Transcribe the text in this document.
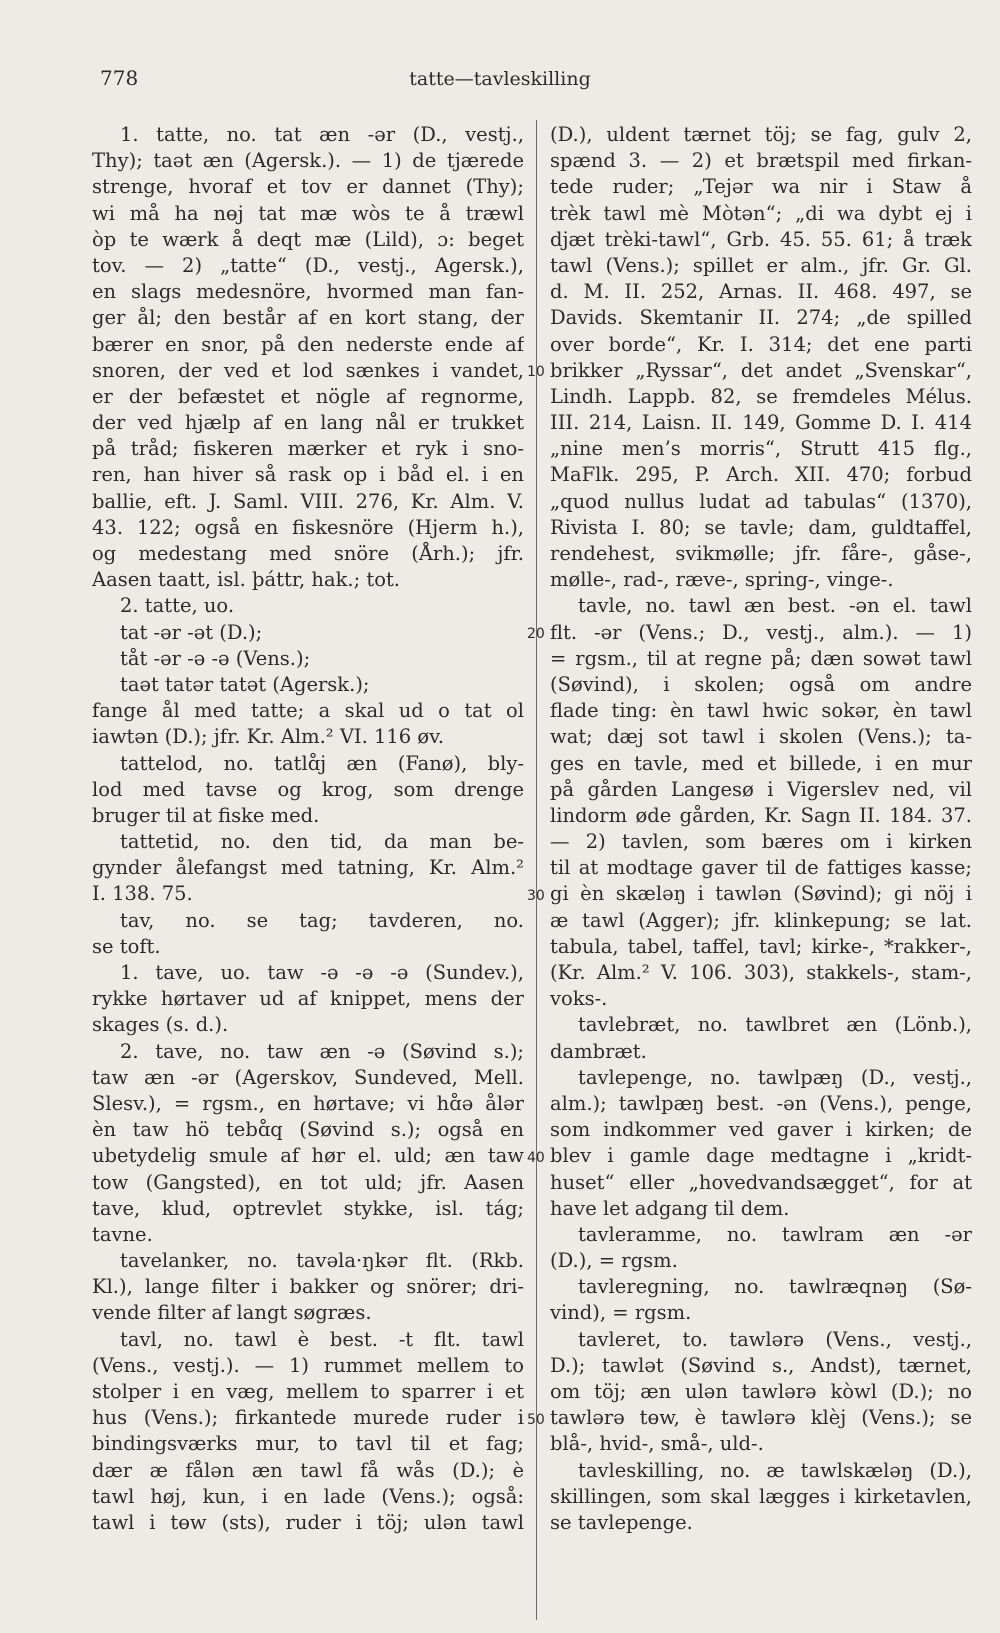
778	tatte—tavleskilling
1. tatte, no. tat æn -ər (D., vestj.,
Thy); taət æn (Agersk.). — 1) de tjærede
strenge, hvoraf et tov er dannet (Thy);
wi må ha nɵj tat mæ wòs te å træwl
òp te wærk å deqt mæ (Lild), ɔ: beget
tov. — 2) „tatte“ (D., vestj., Agersk.),
en slags medesnöre, hvormed man fan-
ger ål; den består af en kort stang, der
bærer en snor, på den nederste ende af
snoren, der ved et lod sænkes i vandet,
er der befæstet et nögle af regnorme,
der ved hjælp af en lang nål er trukket
på tråd; fiskeren mærker et ryk i sno-
ren, han hiver så rask op i båd el. i en
ballie, eft. J. Saml. VIII. 276, Kr. Alm. V.
43. 122; også en fiskesnöre (Hjerm h.),
og medestang med snöre (Årh.); jfr.
Aasen taatt, isl. þáttr, hak.; tot.
2. tatte, uo.
tat -ər -ət (D.);
tåt -ər -ə -ə (Vens.);
taət tatər tatət (Agersk.);
fange ål med tatte; a skal ud o tat ol
iawtən (D.); jfr. Kr. Alm.² VI. 116 øv.
tattelod, no. tatlɑ̊j æn (Fanø), bly-
lod med tavse og krog, som drenge
bruger til at fiske med.
tattetid, no. den tid, da man be-
gynder ålefangst med tatning, Kr. Alm.²
I. 138. 75.
tav, no. se tag; tavderen, no.
se toft.
1. tave, uo. taw -ə -ə -ə (Sundev.),
rykke hørtaver ud af knippet, mens der
skages (s. d.).
2. tave, no. taw æn -ə (Søvind s.);
taw æn -ər (Agerskov, Sundeved, Mell.
Slesv.), = rgsm., en hørtave; vi hɑ̊ə ålər
èn taw hö tebɑ̊q (Søvind s.); også en
ubetydelig smule af hør el. uld; æn taw
tow (Gangsted), en tot uld; jfr. Aasen
tave, klud, optrevlet stykke, isl. tág;
tavne.
tavelanker, no. tavəla·ŋkər flt. (Rkb.
Kl.), lange filter i bakker og snörer; dri-
vende filter af langt søgræs.
tavl, no. tawl è best. -t flt. tawl
(Vens., vestj.). — 1) rummet mellem to
stolper i en væg, mellem to sparrer i et
hus (Vens.); firkantede murede ruder i
bindingsværks mur, to tavl til et fag;
dær æ fålən æn tawl få wås (D.); è
tawl høj, kun, i en lade (Vens.); også:
tawl i tɵw (sts), ruder i töj; ulən tawl
(D.), uldent tærnet töj; se fag, gulv 2,
spænd 3. — 2) et brætspil med firkan-
tede ruder; „Tejər wa nir i Staw å
trèk tawl mè Mòtən“; „di wa dybt ej i
djæt trèki-tawl“, Grb. 45. 55. 61; å træk
tawl (Vens.); spillet er alm., jfr. Gr. Gl.
d. M. II. 252, Arnas. II. 468. 497, se
Davids. Skemtanir II. 274; „de spilled
over borde“, Kr. I. 314; det ene parti
brikker „Ryssar“, det andet „Svenskar“,
Lindh. Lappb. 82, se fremdeles Mélus.
III. 214, Laisn. II. 149, Gomme D. I. 414
„nine men’s morris“, Strutt 415 flg.,
MaFlk. 295, P. Arch. XII. 470; forbud
„quod nullus ludat ad tabulas“ (1370),
Rivista I. 80; se tavle; dam, guldtaffel,
rendehest, svikmølle; jfr. fåre-, gåse-,
mølle-, rad-, ræve-, spring-, vinge-.
tavle, no. tawl æn best. -ən el. tawl
flt. -ər (Vens.; D., vestj., alm.). — 1)
= rgsm., til at regne på; dæn sowət tawl
(Søvind), i skolen; også om andre
flade ting: èn tawl hwic sokər, èn tawl
wat; dæj sot tawl i skolen (Vens.); ta-
ges en tavle, med et billede, i en mur
på gården Langesø i Vigerslev ned, vil
lindorm øde gården, Kr. Sagn II. 184. 37.
— 2) tavlen, som bæres om i kirken
til at modtage gaver til de fattiges kasse;
gi èn skæləŋ i tawlən (Søvind); gi nöj i
æ tawl (Agger); jfr. klinkepung; se lat.
tabula, tabel, taffel, tavl; kirke-, *rakker-,
(Kr. Alm.² V. 106. 303), stakkels-, stam-,
voks-.
tavlebræt, no. tawlbret æn (Lönb.),
dambræt.
tavlepenge, no. tawlpæŋ (D., vestj.,
alm.); tawlpæŋ best. -ən (Vens.), penge,
som indkommer ved gaver i kirken; de
blev i gamle dage medtagne i „kridt-
huset“ eller „hovedvandsægget“, for at
have let adgang til dem.
tavleramme, no. tawlram æn -ər
(D.), = rgsm.
tavleregning, no. tawlræqnəŋ (Sø-
vind), = rgsm.
tavleret, to. tawlərə (Vens., vestj.,
D.); tawlət (Søvind s., Andst), tærnet,
om töj; æn ulən tawlərə kòwl (D.); no
tawlərə tɵw, è tawlərə klèj (Vens.); se
blå-, hvid-, små-, uld-.
tavleskilling, no. æ tawlskæləŋ (D.),
skillingen, som skal lægges i kirketavlen,
se tavlepenge.
10
20
30
40
50
